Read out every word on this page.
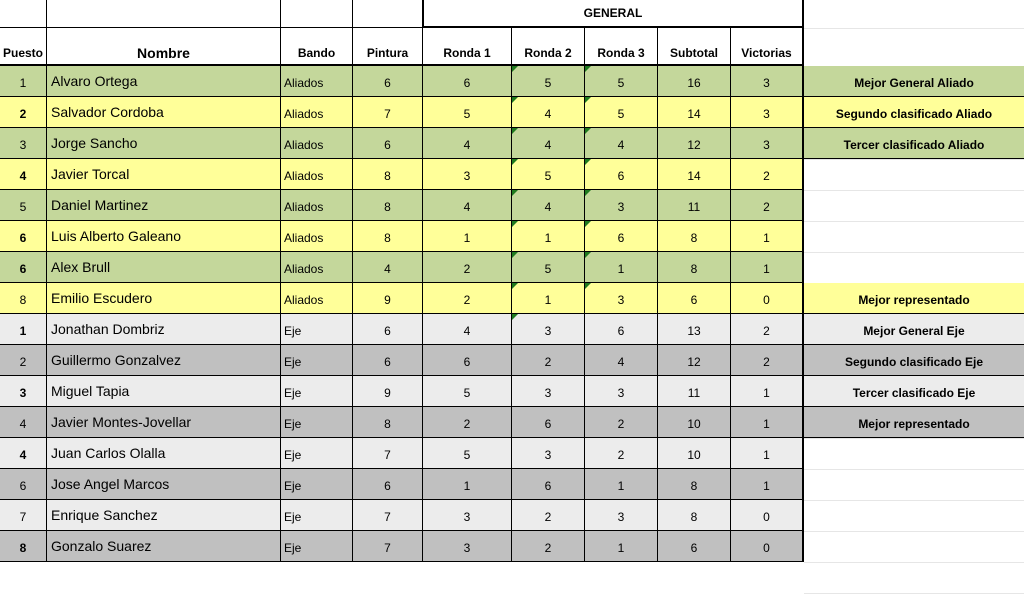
GENERAL
Puesto	Nombre	Bando	Pintura	Ronda 1	Ronda 2	Ronda 3	Subtotal	Victorias
1	Alvaro Ortega	Aliados	6	6	5	5	16	3	Mejor General Aliado
2	Salvador Cordoba	Aliados	7	5	4	5	14	3	Segundo clasificado Aliado
3	Jorge Sancho	Aliados	6	4	4	4	12	3	Tercer clasificado Aliado
4	Javier Torcal	Aliados	8	3	5	6	14	2
5	Daniel Martinez	Aliados	8	4	4	3	11	2
6	Luis Alberto Galeano	Aliados	8	1	1	6	8	1
6	Alex Brull	Aliados	4	2	5	1	8	1
8	Emilio Escudero	Aliados	9	2	1	3	6	0	Mejor representado
1	Jonathan Dombriz	Eje	6	4	3	6	13	2	Mejor General Eje
2	Guillermo Gonzalvez	Eje	6	6	2	4	12	2	Segundo clasificado Eje
3	Miguel Tapia	Eje	9	5	3	3	11	1	Tercer clasificado Eje
4	Javier Montes-Jovellar	Eje	8	2	6	2	10	1	Mejor representado
4	Juan Carlos Olalla	Eje	7	5	3	2	10	1
6	Jose Angel Marcos	Eje	6	1	6	1	8	1
7	Enrique Sanchez	Eje	7	3	2	3	8	0
8	Gonzalo Suarez	Eje	7	3	2	1	6	0
